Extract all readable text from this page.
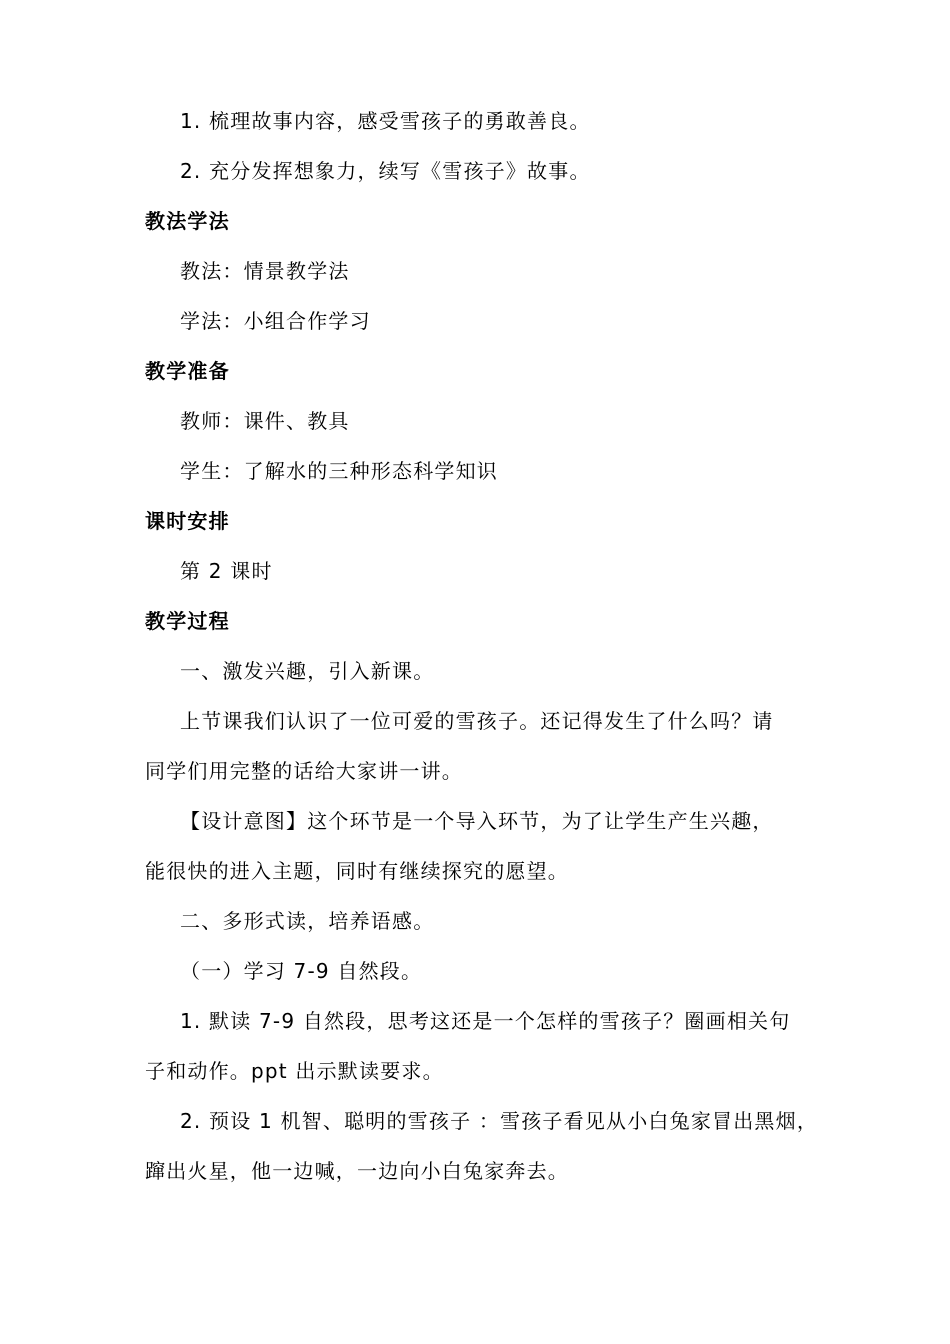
1. 梳理故事内容，感受雪孩子的勇敢善良。
2. 充分发挥想象力，续写《雪孩子》故事。
教法学法
教法：情景教学法
学法：小组合作学习
教学准备
教师：课件、教具
学生：了解水的三种形态科学知识
课时安排
第 2 课时
教学过程
一、激发兴趣，引入新课。
上节课我们认识了一位可爱的雪孩子。还记得发生了什么吗？请
同学们用完整的话给大家讲一讲。
【设计意图】这个环节是一个导入环节，为了让学生产生兴趣，
能很快的进入主题，同时有继续探究的愿望。
二、多形式读，培养语感。
（一）学习 7-9 自然段。
1. 默读 7-9 自然段，思考这还是一个怎样的雪孩子？圈画相关句
子和动作。ppt 出示默读要求。
2. 预设 1 机智、聪明的雪孩子 ：雪孩子看见从小白兔家冒出黑烟，
蹿出火星，他一边喊，一边向小白兔家奔去。
